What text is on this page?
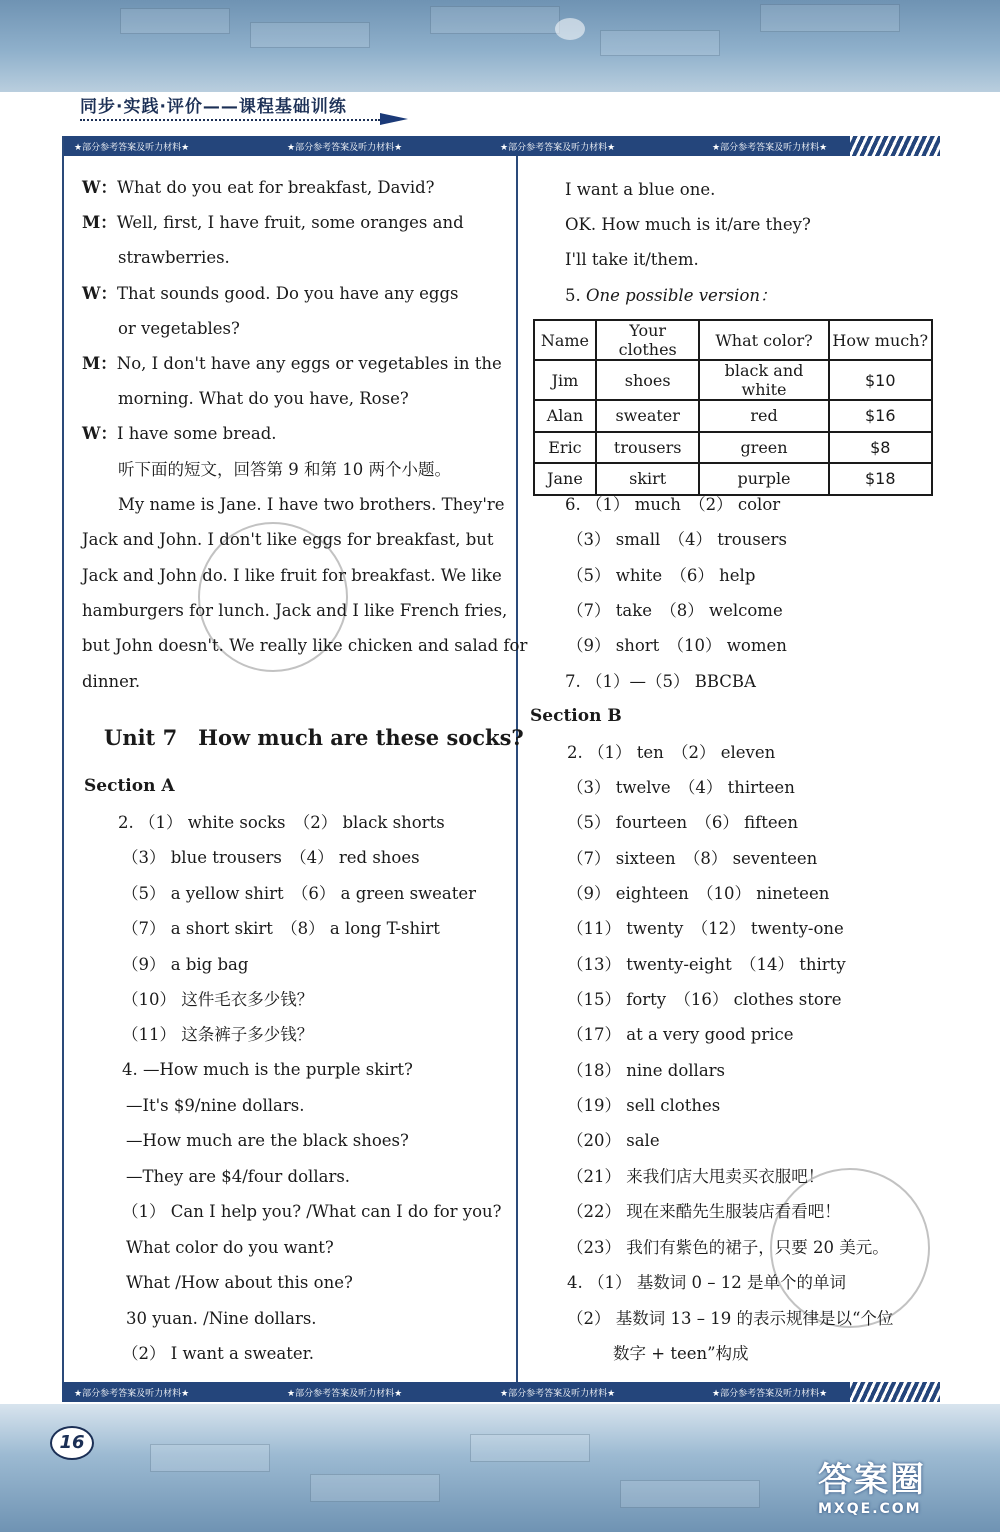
同步·实践·评价——课程基础训练
★部分参考答案及听力材料★	★部分参考答案及听力材料★	★部分参考答案及听力材料★	★部分参考答案及听力材料★
★部分参考答案及听力材料★	★部分参考答案及听力材料★	★部分参考答案及听力材料★	★部分参考答案及听力材料★
16
答案圈
MXQE.COM
W：What do you eat for breakfast, David?
M：Well, first, I have fruit, some oranges and
strawberries.
W：That sounds good. Do you have any eggs
or vegetables?
M：No, I don't have any eggs or vegetables in the
morning. What do you have, Rose?
W：I have some bread.
听下面的短文，回答第 9 和第 10 两个小题。
My name is Jane. I have two brothers. They're
Jack and John. I don't like eggs for breakfast, but
Jack and John do. I like fruit for breakfast. We like
hamburgers for lunch. Jack and I like French fries,
but John doesn't. We really like chicken and salad for
dinner.
Unit 7　How much are these socks?
Section A
2. （1） white socks　（2） black shorts
（3） blue trousers　（4） red shoes
（5） a yellow shirt　（6） a green sweater
（7） a short skirt　（8） a long T-shirt
（9） a big bag
（10） 这件毛衣多少钱？
（11） 这条裤子多少钱？
4. —How much is the purple skirt?
—It's $9/nine dollars.
—How much are the black shoes?
—They are $4/four dollars.
（1） Can I help you? /What can I do for you?
What color do you want?
What /How about this one?
30 yuan. /Nine dollars.
（2） I want a sweater.
I want a blue one.
OK. How much is it/are they?
I'll take it/them.
5. One possible version：
Name	Your clothes	What color?	How much?
Jim	shoes	black and white	$10
Alan	sweater	red	$16
Eric	trousers	green	$8
Jane	skirt	purple	$18
6. （1） much　（2） color
（3） small　（4） trousers
（5） white　（6） help
（7） take　（8） welcome
（9） short　（10） women
7. （1）—（5） BBCBA
Section B
2. （1） ten　（2） eleven
（3） twelve　（4） thirteen
（5） fourteen　（6） fifteen
（7） sixteen　（8） seventeen
（9） eighteen　（10） nineteen
（11） twenty　（12） twenty-one
（13） twenty-eight　（14） thirty
（15） forty　（16） clothes store
（17） at a very good price
（18） nine dollars
（19） sell clothes
（20） sale
（21） 来我们店大甩卖买衣服吧！
（22） 现在来酷先生服装店看看吧！
（23） 我们有紫色的裙子，只要 20 美元。
4. （1） 基数词 0 – 12 是单个的单词
（2） 基数词 13 – 19 的表示规律是以“个位
数字 + teen”构成
